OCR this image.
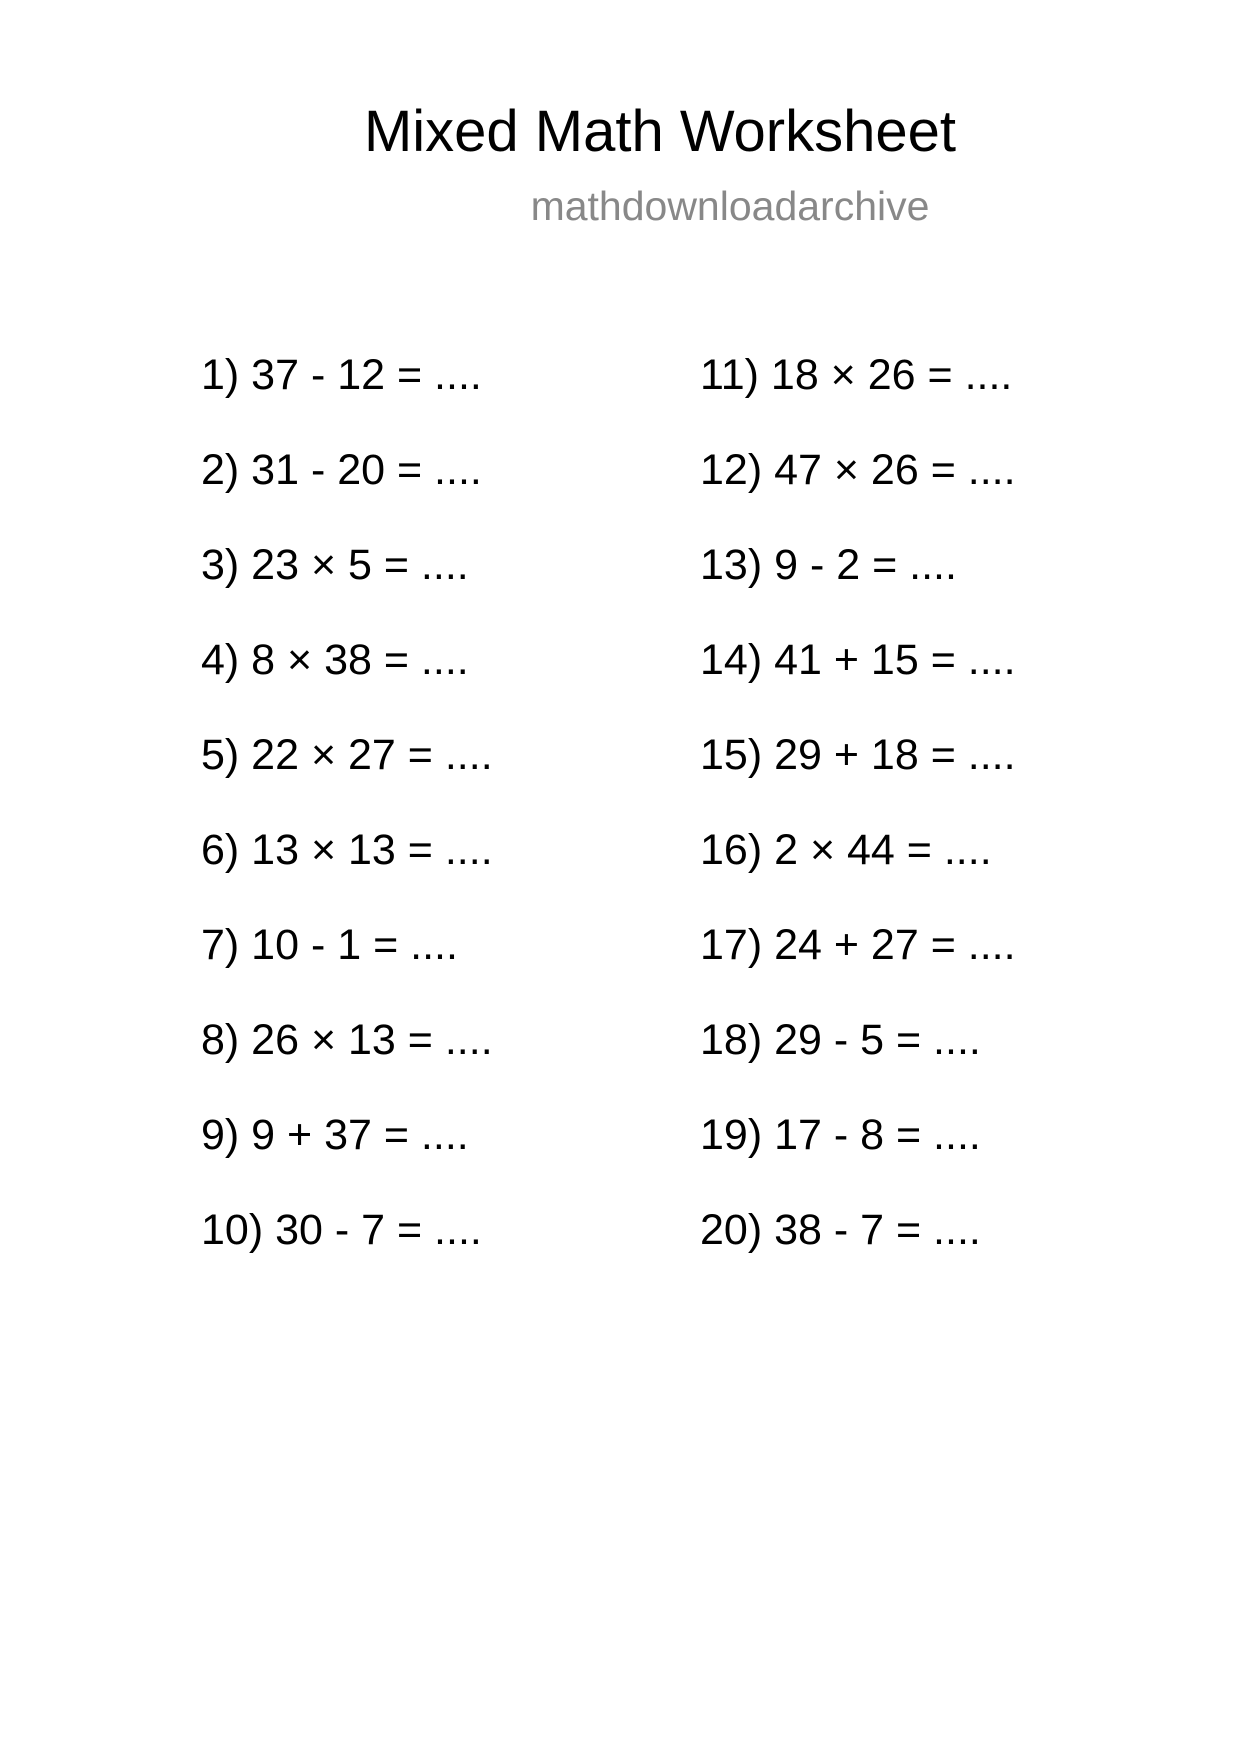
Mixed Math Worksheet
mathdownloadarchive
1) 37 - 12 = ....
2) 31 - 20 = ....
3) 23 × 5 = ....
4) 8 × 38 = ....
5) 22 × 27 = ....
6) 13 × 13 = ....
7) 10 - 1 = ....
8) 26 × 13 = ....
9) 9 + 37 = ....
10) 30 - 7 = ....
11) 18 × 26 = ....
12) 47 × 26 = ....
13) 9 - 2 = ....
14) 41 + 15 = ....
15) 29 + 18 = ....
16) 2 × 44 = ....
17) 24 + 27 = ....
18) 29 - 5 = ....
19) 17 - 8 = ....
20) 38 - 7 = ....
